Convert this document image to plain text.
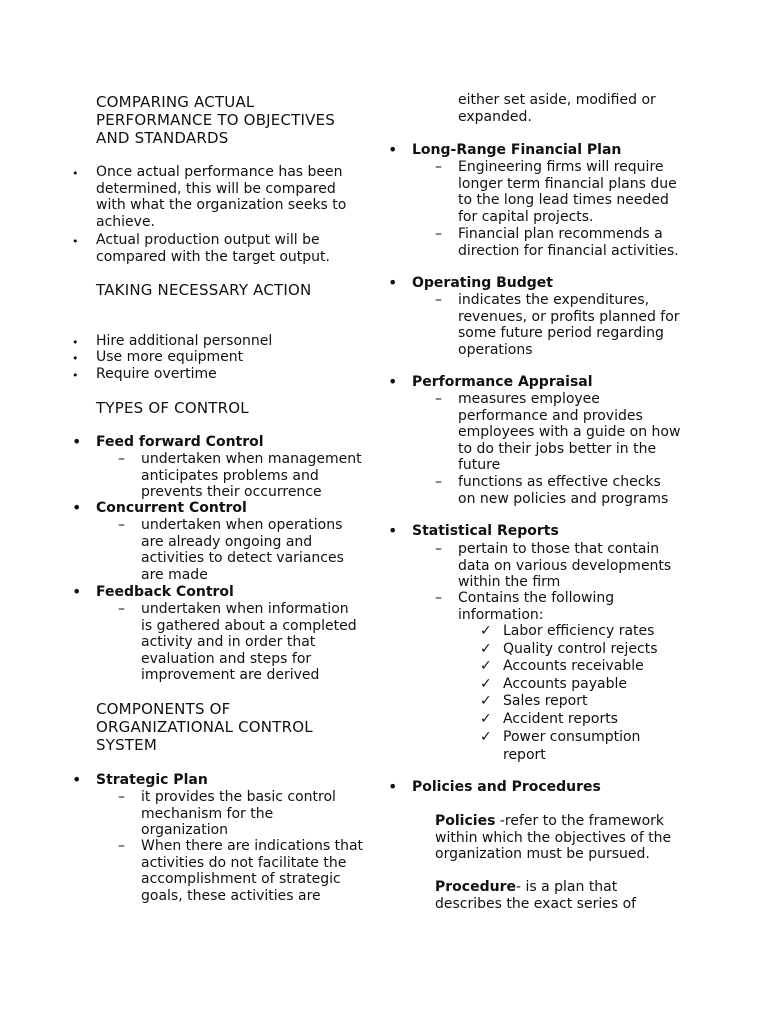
COMPARING ACTUAL
PERFORMANCE TO OBJECTIVES
AND STANDARDS
• Once actual performance has been
determined, this will be compared
with what the organization seeks to
achieve.
• Actual production output will be
compared with the target output.
TAKING NECESSARY ACTION
• Hire additional personnel
• Use more equipment
• Require overtime
TYPES OF CONTROL
• Feed forward Control
– undertaken when management
anticipates problems and
prevents their occurrence
• Concurrent Control
– undertaken when operations
are already ongoing and
activities to detect variances
are made
• Feedback Control
– undertaken when information
is gathered about a completed
activity and in order that
evaluation and steps for
improvement are derived
COMPONENTS OF
ORGANIZATIONAL CONTROL
SYSTEM
• Strategic Plan
– it provides the basic control
mechanism for the
organization
– When there are indications that
activities do not facilitate the
accomplishment of strategic
goals, these activities are
either set aside, modified or
expanded.
• Long-Range Financial Plan
– Engineering firms will require
longer term financial plans due
to the long lead times needed
for capital projects.
– Financial plan recommends a
direction for financial activities.
• Operating Budget
– indicates the expenditures,
revenues, or profits planned for
some future period regarding
operations
• Performance Appraisal
– measures employee
performance and provides
employees with a guide on how
to do their jobs better in the
future
– functions as effective checks
on new policies and programs
• Statistical Reports
– pertain to those that contain
data on various developments
within the firm
– Contains the following
information:
✓ Labor efficiency rates
✓ Quality control rejects
✓ Accounts receivable
✓ Accounts payable
✓ Sales report
✓ Accident reports
✓ Power consumption
report
• Policies and Procedures
Policies -refer to the framework
within which the objectives of the
organization must be pursued.
Procedure- is a plan that
describes the exact series of
